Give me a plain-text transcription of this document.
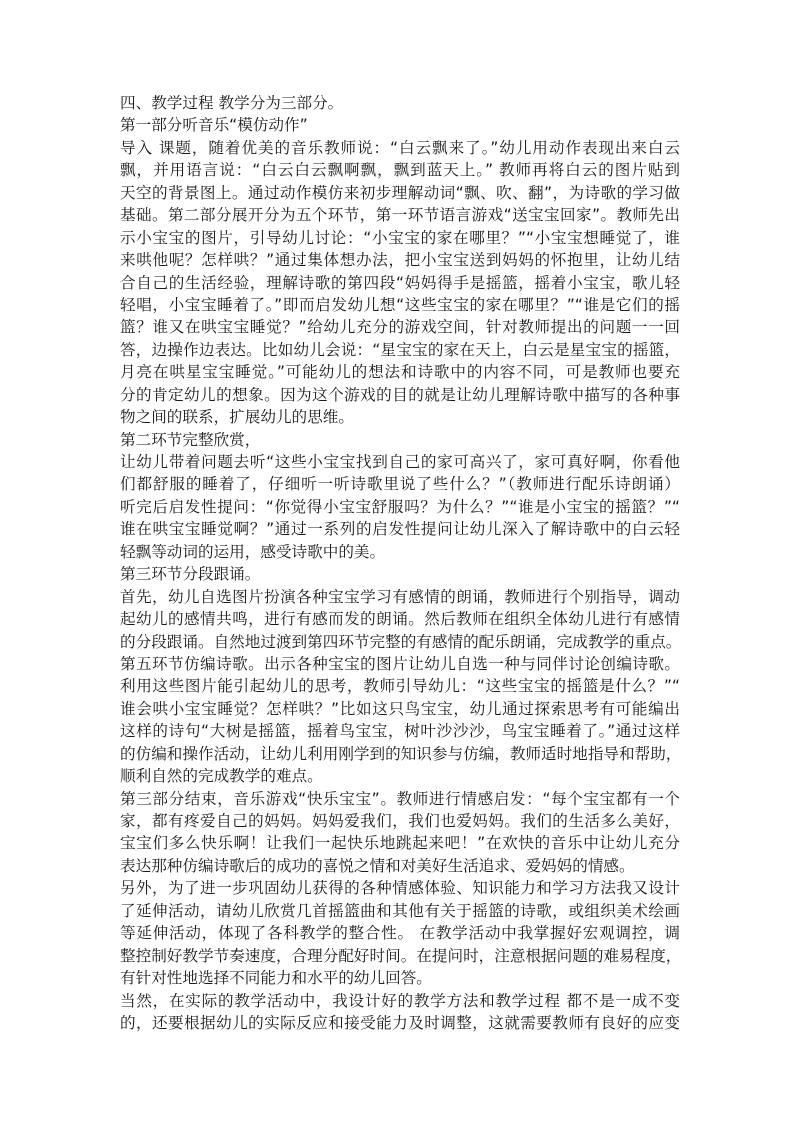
四、教学过程 教学分为三部分。
第一部分听音乐“模仿动作”
导入 课题，随着优美的音乐教师说：“白云飘来了。”幼儿用动作表现出来白云
飘，并用语言说：“白云白云飘啊飘，飘到蓝天上。” 教师再将白云的图片贴到
天空的背景图上。通过动作模仿来初步理解动词“飘、吹、翻”，为诗歌的学习做
基础。第二部分展开分为五个环节，第一环节语言游戏“送宝宝回家”。教师先出
示小宝宝的图片，引导幼儿讨论：“小宝宝的家在哪里？”“小宝宝想睡觉了，谁
来哄他呢？怎样哄？”通过集体想办法，把小宝宝送到妈妈的怀抱里，让幼儿结
合自己的生活经验，理解诗歌的第四段“妈妈得手是摇篮，摇着小宝宝，歌儿轻
轻唱，小宝宝睡着了。”即而启发幼儿想“这些宝宝的家在哪里？”“谁是它们的摇
篮？谁又在哄宝宝睡觉？”给幼儿充分的游戏空间，针对教师提出的问题一一回
答，边操作边表达。比如幼儿会说：“星宝宝的家在天上，白云是星宝宝的摇篮，
月亮在哄星宝宝睡觉。”可能幼儿的想法和诗歌中的内容不同，可是教师也要充
分的肯定幼儿的想象。因为这个游戏的目的就是让幼儿理解诗歌中描写的各种事
物之间的联系，扩展幼儿的思维。
第二环节完整欣赏，
让幼儿带着问题去听“这些小宝宝找到自己的家可高兴了，家可真好啊，你看他
们都舒服的睡着了，仔细听一听诗歌里说了些什么？”（教师进行配乐诗朗诵）
听完后启发性提问：“你觉得小宝宝舒服吗？为什么？”“谁是小宝宝的摇篮？”“
谁在哄宝宝睡觉啊？”通过一系列的启发性提问让幼儿深入了解诗歌中的白云轻
轻飘等动词的运用，感受诗歌中的美。
第三环节分段跟诵。
首先，幼儿自选图片扮演各种宝宝学习有感情的朗诵，教师进行个别指导，调动
起幼儿的感情共鸣，进行有感而发的朗诵。然后教师在组织全体幼儿进行有感情
的分段跟诵。自然地过渡到第四环节完整的有感情的配乐朗诵，完成教学的重点。
第五环节仿编诗歌。出示各种宝宝的图片让幼儿自选一种与同伴讨论创编诗歌。
利用这些图片能引起幼儿的思考，教师引导幼儿：“这些宝宝的摇篮是什么？”“
谁会哄小宝宝睡觉？怎样哄？”比如这只鸟宝宝，幼儿通过探索思考有可能编出
这样的诗句“大树是摇篮，摇着鸟宝宝，树叶沙沙沙，鸟宝宝睡着了。”通过这样
的仿编和操作活动，让幼儿利用刚学到的知识参与仿编，教师适时地指导和帮助，
顺利自然的完成教学的难点。
第三部分结束，音乐游戏“快乐宝宝”。教师进行情感启发：“每个宝宝都有一个
家，都有疼爱自己的妈妈。妈妈爱我们，我们也爱妈妈。我们的生活多么美好，
宝宝们多么快乐啊！让我们一起快乐地跳起来吧！”在欢快的音乐中让幼儿充分
表达那种仿编诗歌后的成功的喜悦之情和对美好生活追求、爱妈妈的情感。
另外，为了进一步巩固幼儿获得的各种情感体验、知识能力和学习方法我又设计
了延伸活动，请幼儿欣赏几首摇篮曲和其他有关于摇篮的诗歌，或组织美术绘画
等延伸活动，体现了各科教学的整合性。 在教学活动中我掌握好宏观调控，调
整控制好教学节奏速度，合理分配好时间。在提问时，注意根据问题的难易程度，
有针对性地选择不同能力和水平的幼儿回答。
当然，在实际的教学活动中，我设计好的教学方法和教学过程 都不是一成不变
的，还要根据幼儿的实际反应和接受能力及时调整，这就需要教师有良好的应变
